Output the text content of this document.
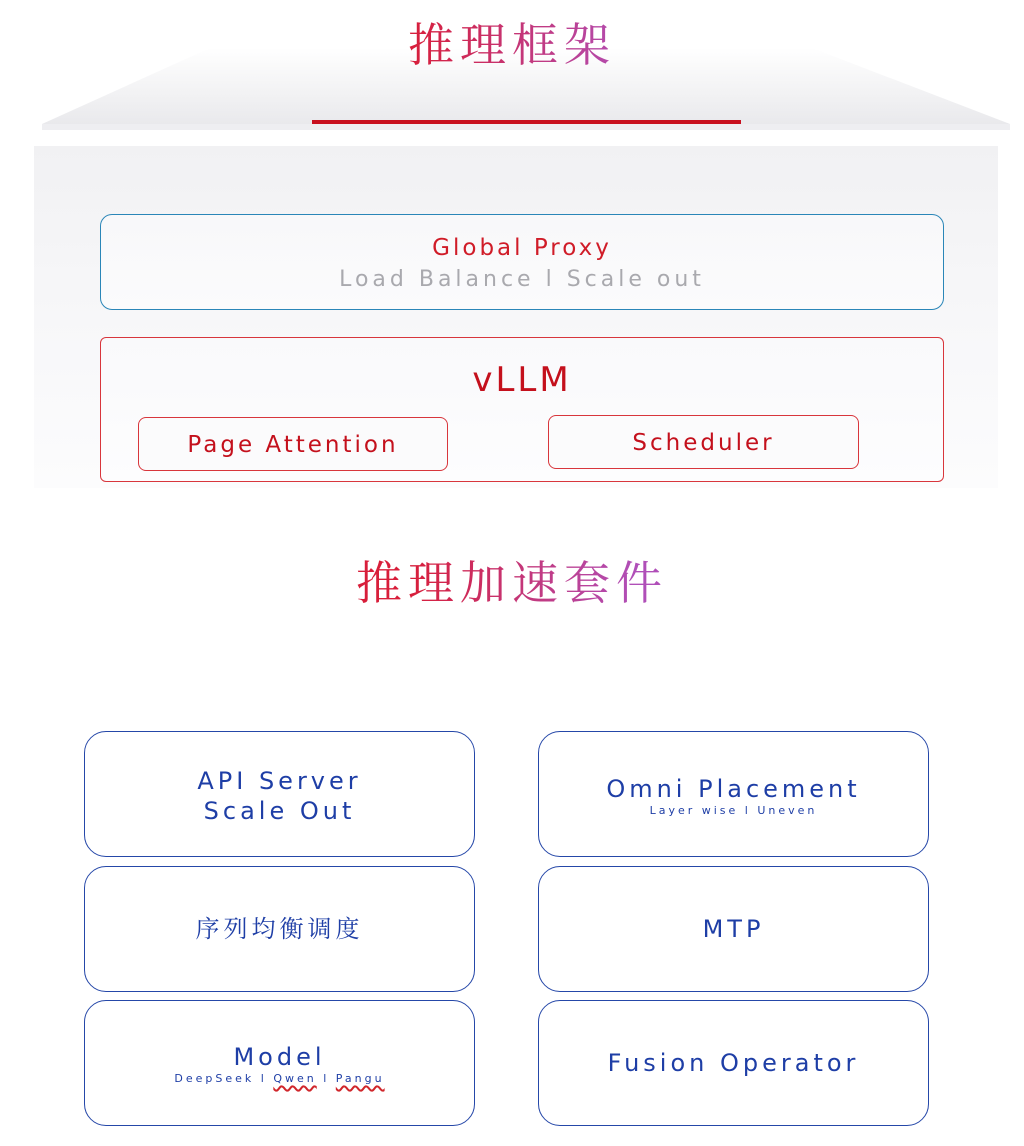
推理框架
Global Proxy
Load Balance l Scale out
vLLM
Page Attention	Scheduler
推理加速套件
API Server
Scale Out
Omni Placement
Layer wise l Uneven
序列均衡调度	MTP
Model
DeepSeek l Qwen l Pangu
Fusion Operator
